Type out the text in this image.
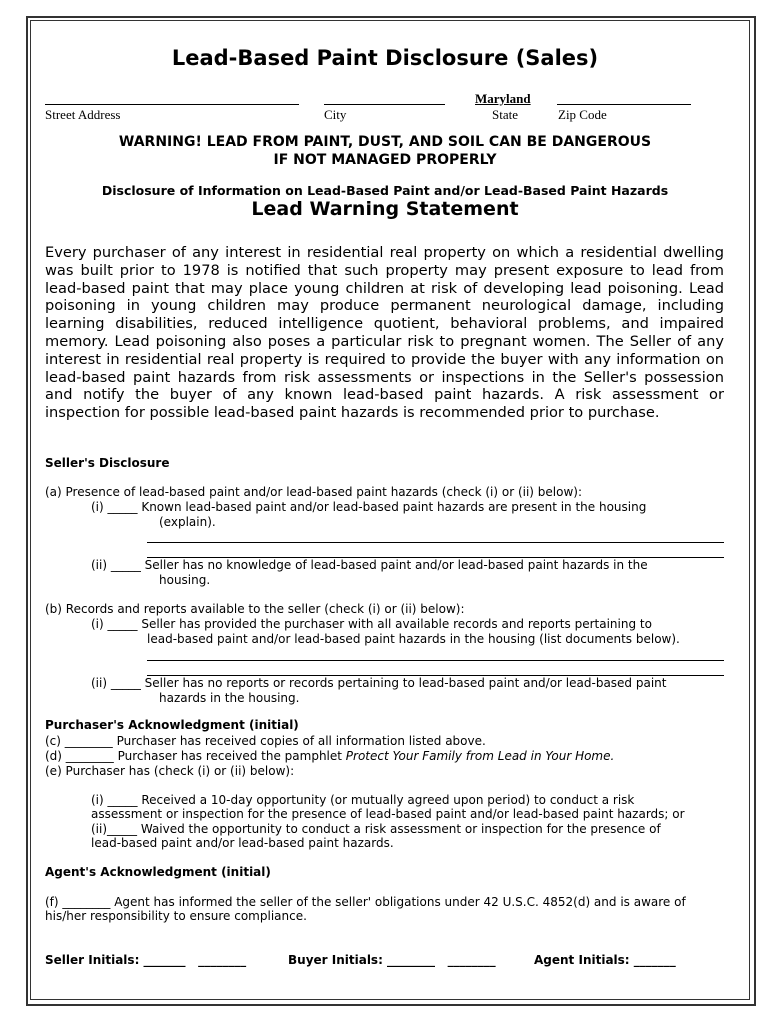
Lead-Based Paint Disclosure (Sales)
Maryland
Street Address	City	State	Zip Code
WARNING! LEAD FROM PAINT, DUST, AND SOIL CAN BE DANGEROUS
IF NOT MANAGED PROPERLY
Disclosure of Information on Lead-Based Paint and/or Lead-Based Paint Hazards
Lead Warning Statement
Every purchaser of any interest in residential real property on which a residential dwelling was built prior to 1978 is notified that such property may present exposure to lead from lead-based paint that may place young children at risk of developing lead poisoning. Lead poisoning in young children may produce permanent neurological damage, including learning disabilities, reduced intelligence quotient, behavioral problems, and impaired memory. Lead poisoning also poses a particular risk to pregnant women. The Seller of any interest in residential real property is required to provide the buyer with any information on lead-based paint hazards from risk assessments or inspections in the Seller's possession and notify the buyer of any known lead-based paint hazards. A risk assessment or inspection for possible lead-based paint hazards is recommended prior to purchase.
Seller's Disclosure
(a) Presence of lead-based paint and/or lead-based paint hazards (check (i) or (ii) below):
(i) _____ Known lead-based paint and/or lead-based paint hazards are present in the housing
(explain).
(ii) _____ Seller has no knowledge of lead-based paint and/or lead-based paint hazards in the
housing.
(b) Records and reports available to the seller (check (i) or (ii) below):
(i) _____ Seller has provided the purchaser with all available records and reports pertaining to
lead-based paint and/or lead-based paint hazards in the housing (list documents below).
(ii) _____ Seller has no reports or records pertaining to lead-based paint and/or lead-based paint
hazards in the housing.
Purchaser's Acknowledgment (initial)
(c) ________ Purchaser has received copies of all information listed above.
(d) ________ Purchaser has received the pamphlet Protect Your Family from Lead in Your Home.
(e) Purchaser has (check (i) or (ii) below):
(i) _____ Received a 10-day opportunity (or mutually agreed upon period) to conduct a risk
assessment or inspection for the presence of lead-based paint and/or lead-based paint hazards; or
(ii)_____ Waived the opportunity to conduct a risk assessment or inspection for the presence of
lead-based paint and/or lead-based paint hazards.
Agent's Acknowledgment (initial)
(f) ________ Agent has informed the seller of the seller' obligations under 42 U.S.C. 4852(d) and is aware of
his/her responsibility to ensure compliance.
Seller Initials: _______   ________	Buyer Initials: ________   ________	Agent Initials: _______
